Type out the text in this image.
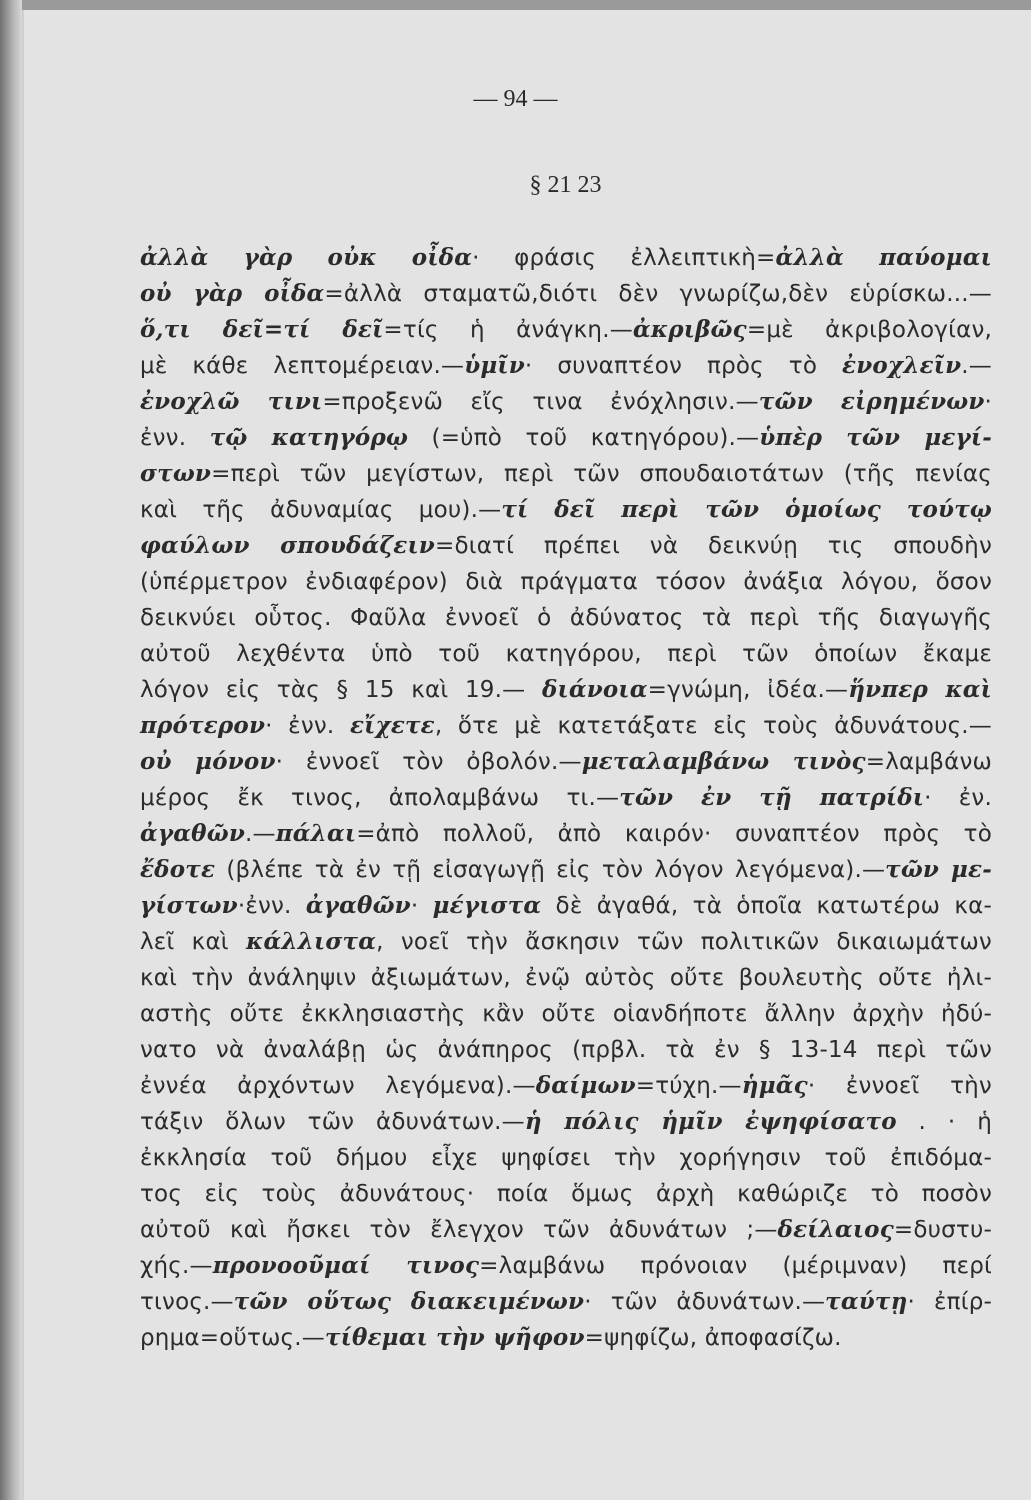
— 94 —
§ 21 23
ἀλλὰ γὰρ οὐκ οἶδα· φράσις ἐλλειπτικὴ=ἀλλὰ παύομαι
οὐ γὰρ οἶδα=ἀλλὰ σταματῶ,διότι δὲν γνωρίζω,δὲν εὑρίσκω...—
ὅ,τι δεῖ=τί δεῖ=τίς ἡ ἀνάγκη.—ἀκριβῶς=μὲ ἀκριβολογίαν,
μὲ κάθε λεπτομέρειαν.—ὑμῖν· συναπτέον πρὸς τὸ ἐνοχλεῖν.—
ἐνοχλῶ τινι=προξενῶ εἴς τινα ἐνόχλησιν.—τῶν εἰρημένων·
ἐνν. τῷ κατηγόρῳ (=ὑπὸ τοῦ κατηγόρου).—ὑπὲρ τῶν μεγί-
στων=περὶ τῶν μεγίστων, περὶ τῶν σπουδαιοτάτων (τῆς πενίας
καὶ τῆς ἀδυναμίας μου).—τί δεῖ περὶ τῶν ὁμοίως τούτῳ
φαύλων σπουδάζειν=διατί πρέπει νὰ δεικνύῃ τις σπουδὴν
(ὑπέρμετρον ἐνδιαφέρον) διὰ πράγματα τόσον ἀνάξια λόγου, ὅσον
δεικνύει οὗτος. Φαῦλα ἐννοεῖ ὁ ἀδύνατος τὰ περὶ τῆς διαγωγῆς
αὐτοῦ λεχθέντα ὑπὸ τοῦ κατηγόρου, περὶ τῶν ὁποίων ἔκαμε
λόγον εἰς τὰς § 15 καὶ 19.— διάνοια=γνώμη, ἰδέα.—ἥνπερ καὶ
πρότερον· ἐνν. εἴχετε, ὅτε μὲ κατετάξατε εἰς τοὺς ἀδυνάτους.—
οὐ μόνον· ἐννοεῖ τὸν ὀβολόν.—μεταλαμβάνω τινὸς=λαμβάνω
μέρος ἔκ τινος, ἀπολαμβάνω τι.—τῶν ἐν τῇ πατρίδι· ἐν.
ἀγαθῶν.—πάλαι=ἀπὸ πολλοῦ, ἀπὸ καιρόν· συναπτέον πρὸς τὸ
ἔδοτε (βλέπε τὰ ἐν τῇ εἰσαγωγῇ εἰς τὸν λόγον λεγόμενα).—τῶν με-
γίστων·ἐνν. ἀγαθῶν· μέγιστα δὲ ἀγαθά, τὰ ὁποῖα κατωτέρω κα-
λεῖ καὶ κάλλιστα, νοεῖ τὴν ἄσκησιν τῶν πολιτικῶν δικαιωμάτων
καὶ τὴν ἀνάληψιν ἀξιωμάτων, ἐνῷ αὐτὸς οὔτε βουλευτὴς οὔτε ἠλι-
αστὴς οὔτε ἐκκλησιαστὴς κἂν οὔτε οἱανδήποτε ἄλλην ἀρχὴν ἠδύ-
νατο νὰ ἀναλάβῃ ὡς ἀνάπηρος (πρβλ. τὰ ἐν § 13-14 περὶ τῶν
ἐννέα ἀρχόντων λεγόμενα).—δαίμων=τύχη.—ἡμᾶς· ἐννοεῖ τὴν
τάξιν ὅλων τῶν ἀδυνάτων.—ἡ πόλις ἡμῖν ἐψηφίσατο . · ἡ
ἐκκλησία τοῦ δήμου εἶχε ψηφίσει τὴν χορήγησιν τοῦ ἐπιδόμα-
τος εἰς τοὺς ἀδυνάτους· ποία ὅμως ἀρχὴ καθώριζε τὸ ποσὸν
αὐτοῦ καὶ ἤσκει τὸν ἔλεγχον τῶν ἀδυνάτων ;—δείλαιος=δυστυ-
χής.—προνοοῦμαί τινος=λαμβάνω πρόνοιαν (μέριμναν) περί
τινος.—τῶν οὕτως διακειμένων· τῶν ἀδυνάτων.—ταύτῃ· ἐπίρ-
ρημα=οὕτως.—τίθεμαι τὴν ψῆφον=ψηφίζω, ἀποφασίζω.
